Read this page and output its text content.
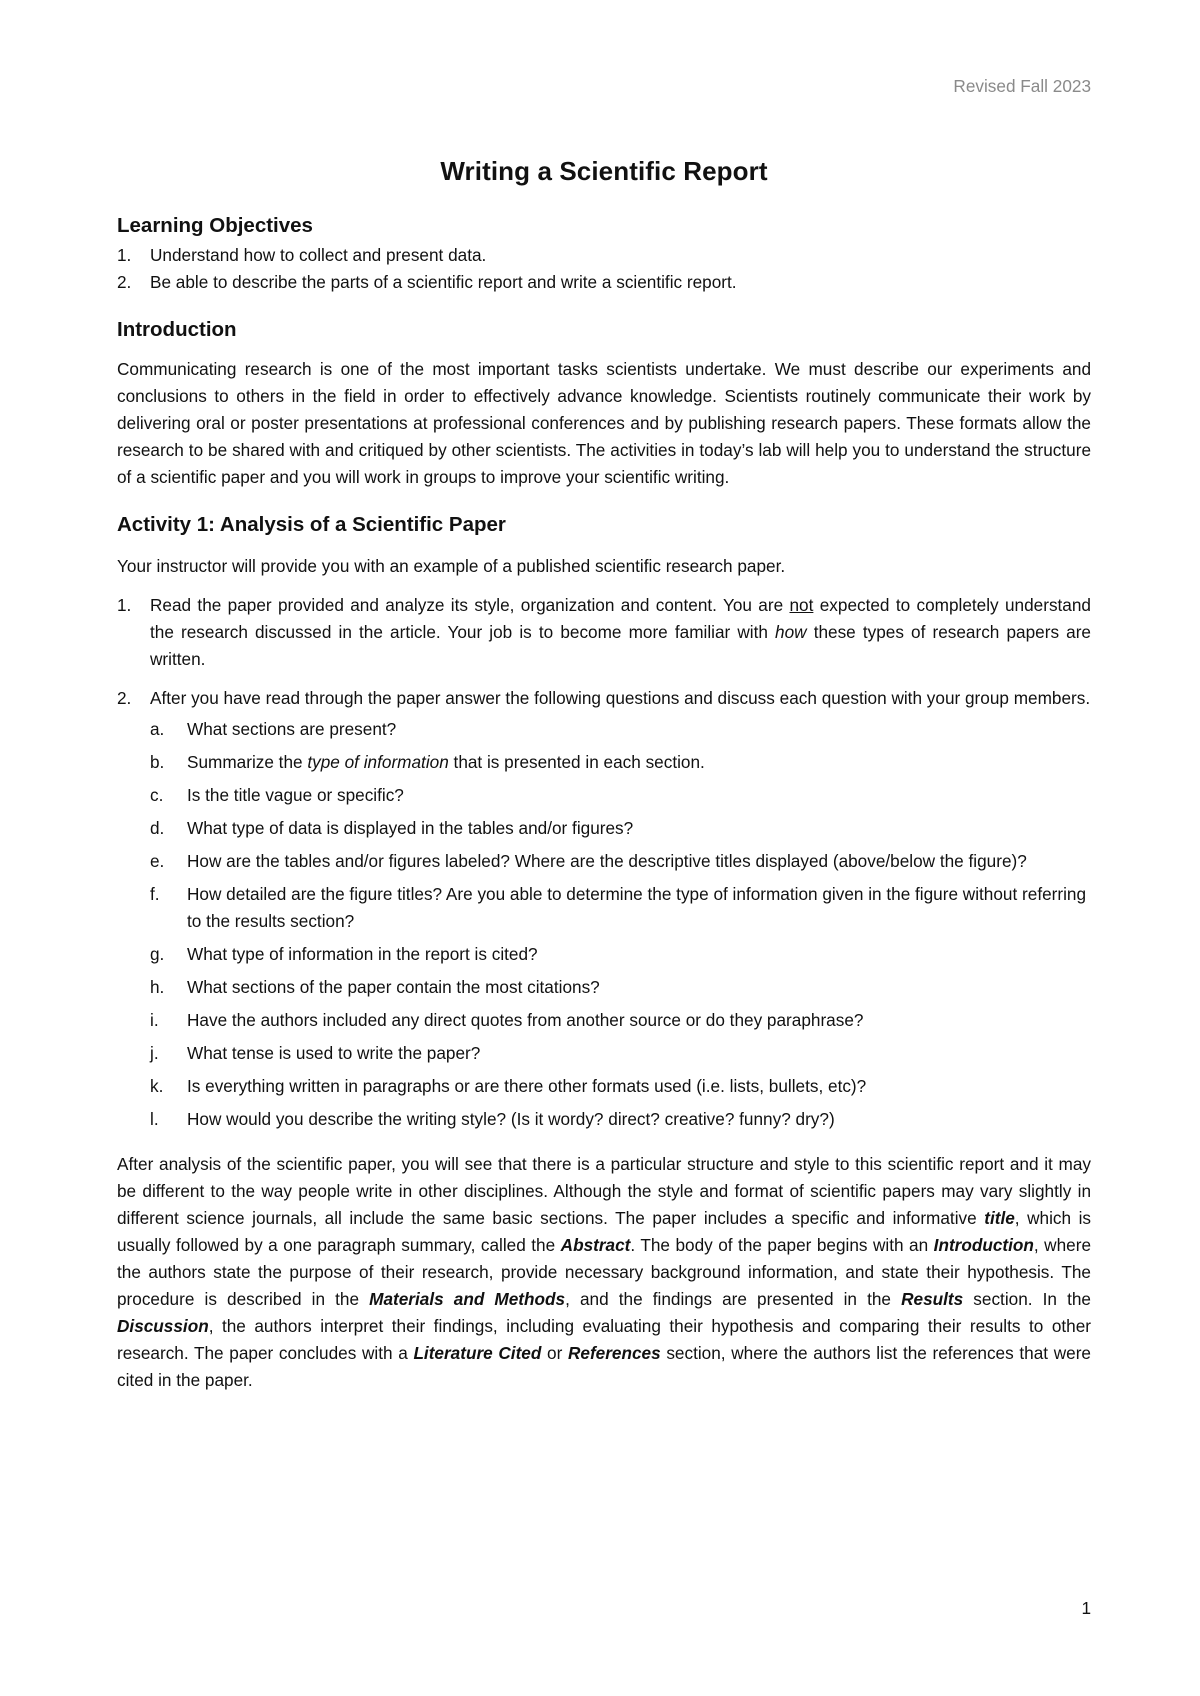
Revised Fall 2023
Writing a Scientific Report
Learning Objectives
1.	Understand how to collect and present data.
2.	Be able to describe the parts of a scientific report and write a scientific report.
Introduction

Communicating research is one of the most important tasks scientists undertake. We must describe our experiments and conclusions to others in the field in order to effectively advance knowledge. Scientists routinely communicate their work by delivering oral or poster presentations at professional conferences and by publishing research papers. These formats allow the research to be shared with and critiqued by other scientists. The activities in today’s lab will help you to understand the structure of a scientific paper and you will work in groups to improve your scientific writing.

Activity 1: Analysis of a Scientific Paper

Your instructor will provide you with an example of a published scientific research paper.

1.	Read the paper provided and analyze its style, organization and content. You are not expected to completely understand the research discussed in the article. Your job is to become more familiar with how these types of research papers are written.
2.	After you have read through the paper answer the following questions and discuss each question with your group members.
a.	What sections are present?
b.	Summarize the type of information that is presented in each section.
c.	Is the title vague or specific?
d.	What type of data is displayed in the tables and/or figures?
e.	How are the tables and/or figures labeled? Where are the descriptive titles displayed (above/below the figure)?
f.	How detailed are the figure titles? Are you able to determine the type of information given in the figure without referring to the results section?
g.	What type of information in the report is cited?
h.	What sections of the paper contain the most citations?
i.	Have the authors included any direct quotes from another source or do they paraphrase?
j.	What tense is used to write the paper?
k.	Is everything written in paragraphs or are there other formats used (i.e. lists, bullets, etc)?
l.	How would you describe the writing style? (Is it wordy? direct? creative? funny? dry?)

After analysis of the scientific paper, you will see that there is a particular structure and style to this scientific report and it may be different to the way people write in other disciplines. Although the style and format of scientific papers may vary slightly in different science journals, all include the same basic sections. The paper includes a specific and informative title, which is usually followed by a one paragraph summary, called the Abstract. The body of the paper begins with an Introduction, where the authors state the purpose of their research, provide necessary background information, and state their hypothesis. The procedure is described in the Materials and Methods, and the findings are presented in the Results section. In the Discussion, the authors interpret their findings, including evaluating their hypothesis and comparing their results to other research. The paper concludes with a Literature Cited or References section, where the authors list the references that were cited in the paper.

1
